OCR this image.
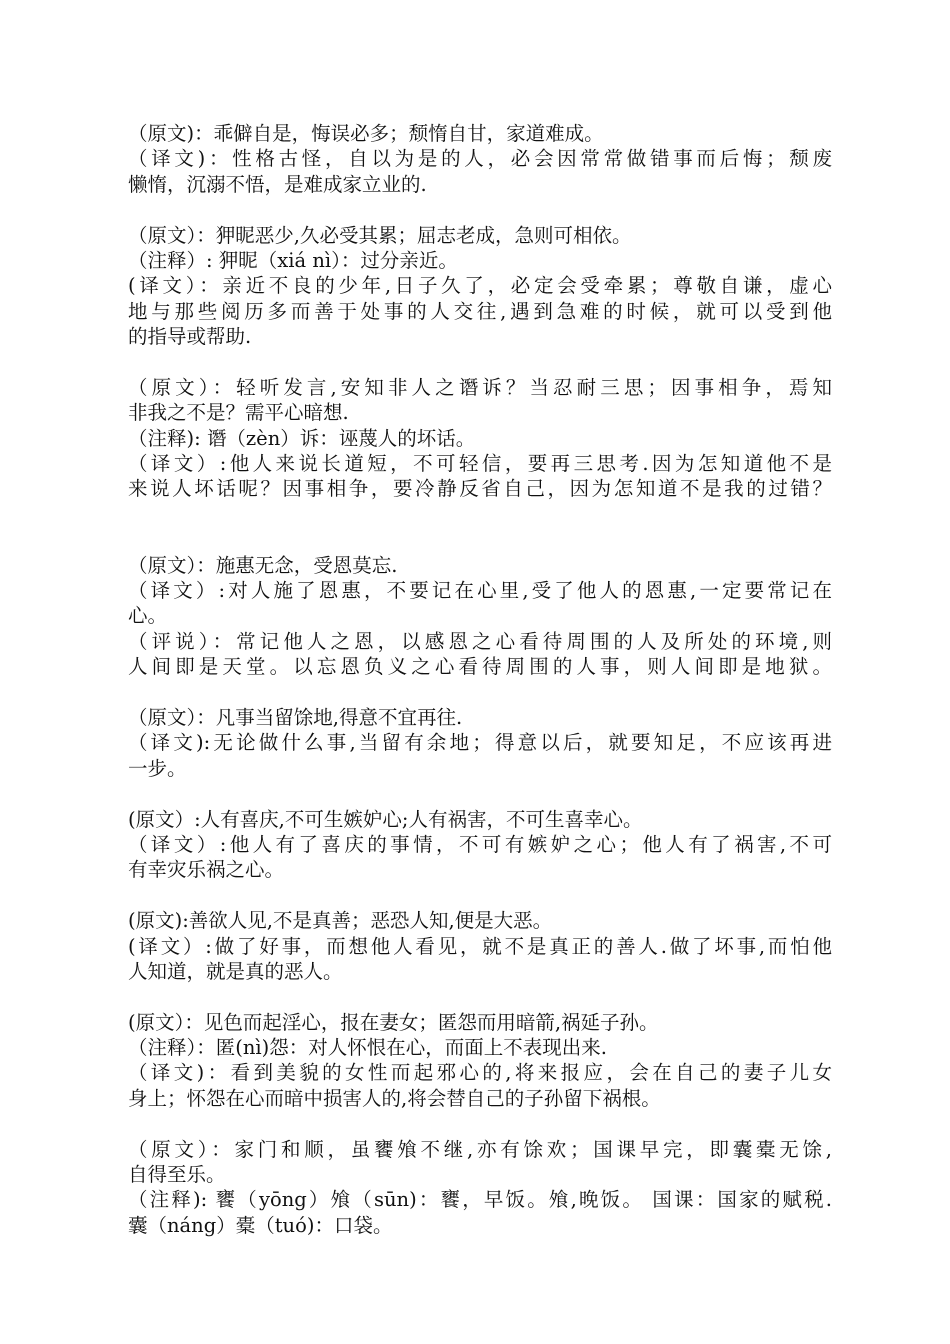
（原文)：乖僻自是，悔误必多；颓惰自甘，家道难成。
（译文)：性格古怪，自以为是的人，必会因常常做错事而后悔；颓废
懒惰，沉溺不悟，是难成家立业的.
（原文）：狎昵恶少,久必受其累；屈志老成，急则可相依。
（注释）: 狎昵（xiá nì）：过分亲近。
(译文）：亲近不良的少年,日子久了，必定会受牵累；尊敬自谦，虚心
地与那些阅历多而善于处事的人交往,遇到急难的时候，就可以受到他
的指导或帮助.
（原文）：轻听发言,安知非人之谮诉？当忍耐三思；因事相争，焉知
非我之不是？需平心暗想.
（注释): 谮（zèn）诉：诬蔑人的坏话。
（译文）:他人来说长道短，不可轻信，要再三思考.因为怎知道他不是
来说人坏话呢？因事相争，要冷静反省自己，因为怎知道不是我的过错？
（原文）：施惠无念，受恩莫忘.
（译文）:对人施了恩惠，不要记在心里,受了他人的恩惠,一定要常记在
心。
（评说）：常记他人之恩，以感恩之心看待周围的人及所处的环境,则
人间即是天堂。以忘恩负义之心看待周围的人事，则人间即是地狱。
（原文）：凡事当留馀地,得意不宜再往.
（译文):无论做什么事,当留有余地；得意以后，就要知足，不应该再进
一步。
(原文）:人有喜庆,不可生嫉妒心;人有祸害，不可生喜幸心。
（译文）:他人有了喜庆的事情，不可有嫉妒之心；他人有了祸害,不可
有幸灾乐祸之心。
(原文):善欲人见,不是真善；恶恐人知,便是大恶。
(译文）:做了好事，而想他人看见，就不是真正的善人.做了坏事,而怕他
人知道，就是真的恶人。
(原文）：见色而起淫心，报在妻女；匿怨而用暗箭,祸延子孙。
（注释）：匿(nì)怨：对人怀恨在心，而面上不表现出来.
（译文)：看到美貌的女性而起邪心的,将来报应，会在自己的妻子儿女
身上；怀怨在心而暗中损害人的,将会替自己的子孙留下祸根。
（原文）：家门和顺，虽饔飧不继,亦有馀欢；国课早完，即囊橐无馀,
自得至乐。
（注释): 饔（yōng）飧（sūn)：饔，早饭。飧,晚饭。 国课：国家的赋税.
囊（náng）橐（tuó)：口袋。
